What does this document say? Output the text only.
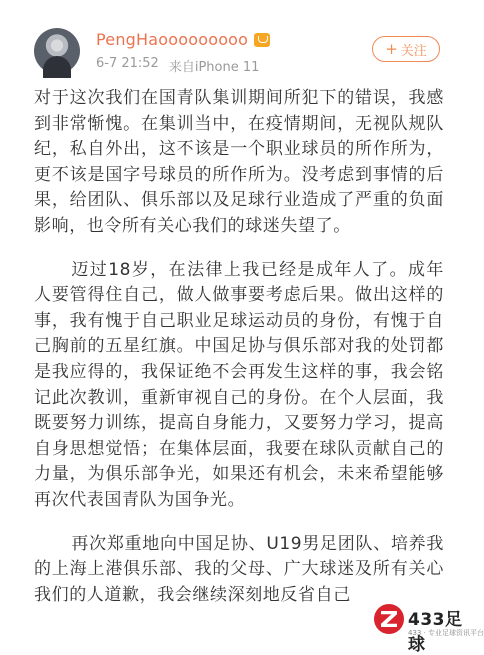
PengHaooooooooo
6-7 21:52 来自iPhone 11
+ 关注

对于这次我们在国青队集训期间所犯下的错误，我感到非常惭愧。在集训当中，在疫情期间，无视队规队纪，私自外出，这不该是一个职业球员的所作所为，更不该是国字号球员的所作所为。没考虑到事情的后果，给团队、俱乐部以及足球行业造成了严重的负面影响，也令所有关心我们的球迷失望了。

迈过18岁，在法律上我已经是成年人了。成年人要管得住自己，做人做事要考虑后果。做出这样的事，我有愧于自己职业足球运动员的身份，有愧于自己胸前的五星红旗。中国足协与俱乐部对我的处罚都是我应得的，我保证绝不会再发生这样的事，我会铭记此次教训，重新审视自己的身份。在个人层面，我既要努力训练，提高自身能力，又要努力学习，提高自身思想觉悟；在集体层面，我要在球队贡献自己的力量，为俱乐部争光，如果还有机会，未来希望能够再次代表国青队为国争光。

再次郑重地向中国足协、U19男足团队、培养我的上海上港俱乐部、我的父母、广大球迷及所有关心我们的人道歉，我会继续深刻地反省自己

433足球
433 · 专业足球资讯平台
